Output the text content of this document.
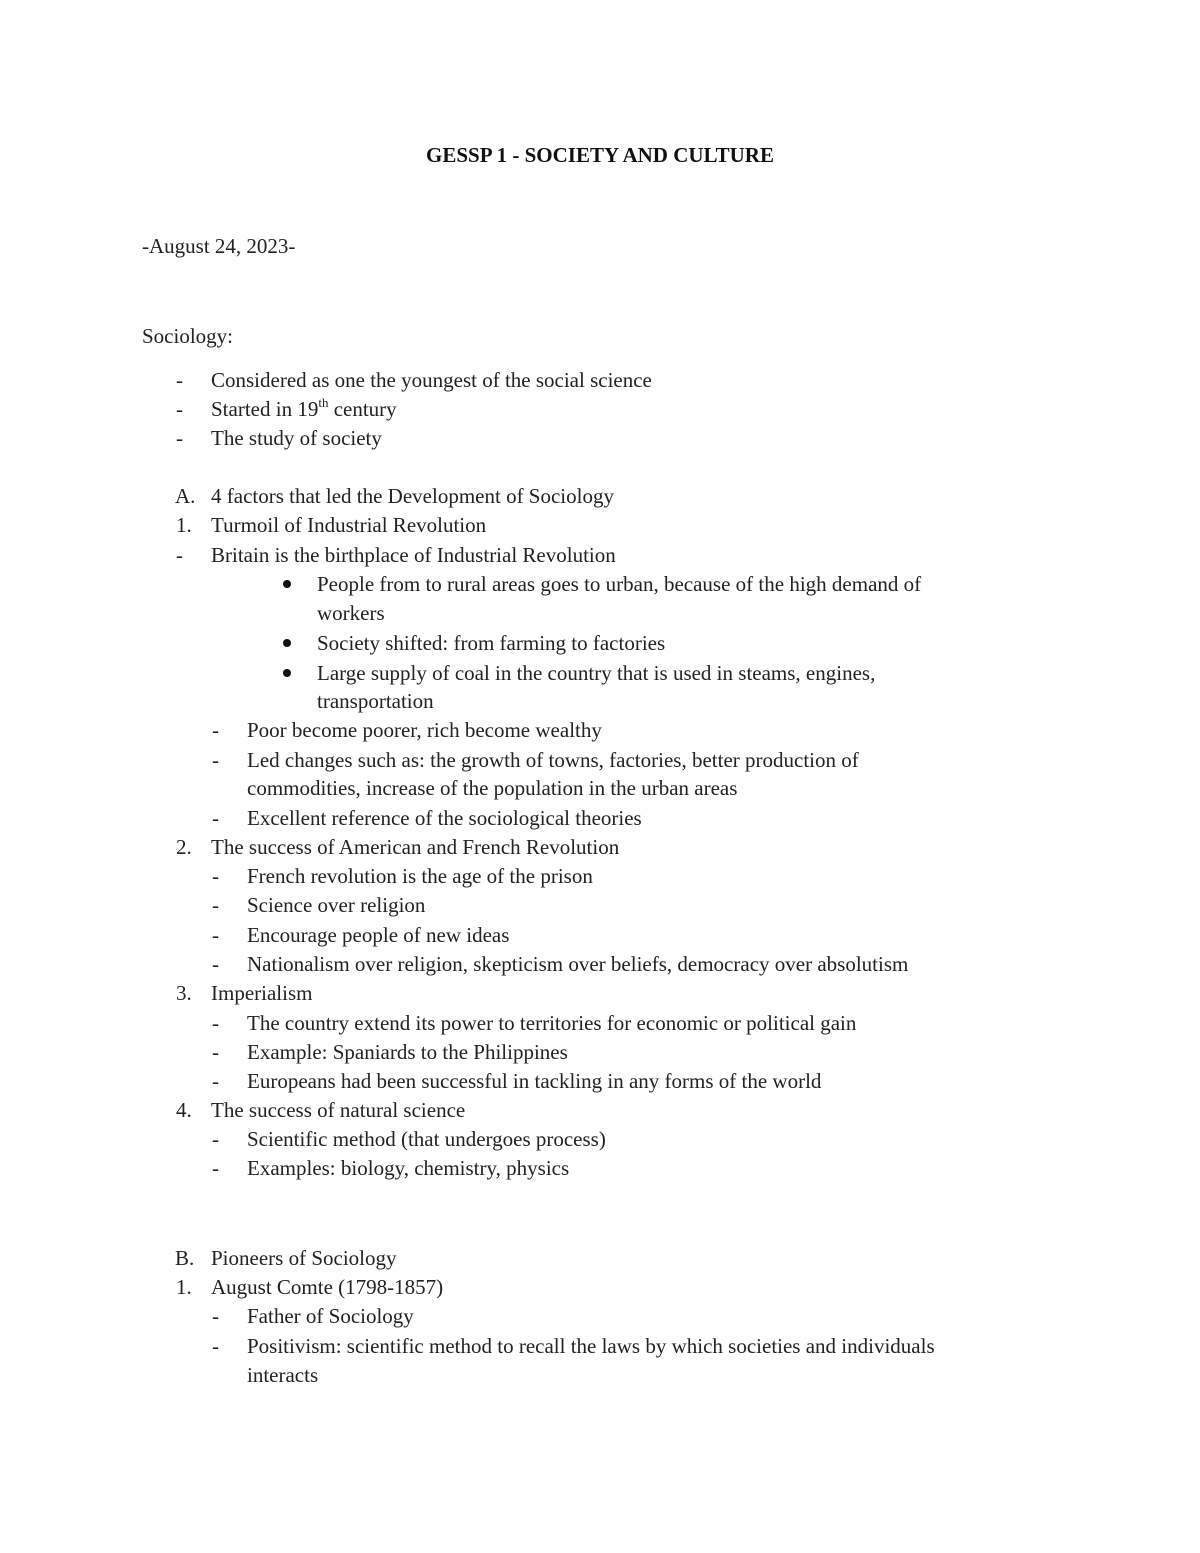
GESSP 1 - SOCIETY AND CULTURE
-August 24, 2023-
Sociology:
- Considered as one the youngest of the social science
- Started in 19th century
- The study of society
A. 4 factors that led the Development of Sociology
1. Turmoil of Industrial Revolution
- Britain is the birthplace of Industrial Revolution
People from to rural areas goes to urban, because of the high demand of
workers
Society shifted: from farming to factories
Large supply of coal in the country that is used in steams, engines,
transportation
- Poor become poorer, rich become wealthy
- Led changes such as: the growth of towns, factories, better production of
commodities, increase of the population in the urban areas
- Excellent reference of the sociological theories
2. The success of American and French Revolution
- French revolution is the age of the prison
- Science over religion
- Encourage people of new ideas
- Nationalism over religion, skepticism over beliefs, democracy over absolutism
3. Imperialism
- The country extend its power to territories for economic or political gain
- Example: Spaniards to the Philippines
- Europeans had been successful in tackling in any forms of the world
4. The success of natural science
- Scientific method (that undergoes process)
- Examples: biology, chemistry, physics
B. Pioneers of Sociology
1. August Comte (1798-1857)
- Father of Sociology
- Positivism: scientific method to recall the laws by which societies and individuals
interacts
